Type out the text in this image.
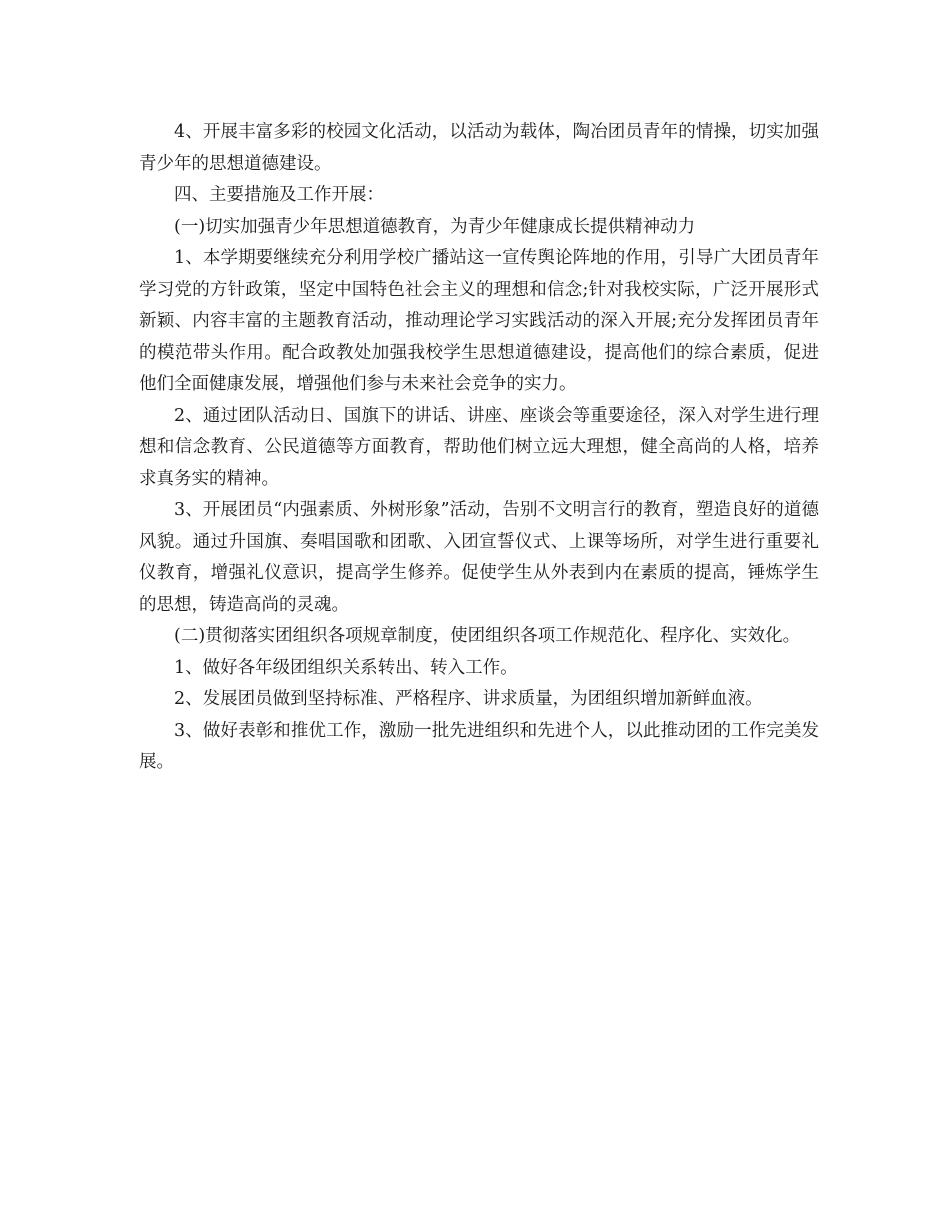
4、开展丰富多彩的校园文化活动，以活动为载体，陶冶团员青年的情操，切实加强青少年的思想道德建设。

四、主要措施及工作开展：

(一)切实加强青少年思想道德教育，为青少年健康成长提供精神动力

1、本学期要继续充分利用学校广播站这一宣传舆论阵地的作用，引导广大团员青年学习党的方针政策，坚定中国特色社会主义的理想和信念;针对我校实际，广泛开展形式新颖、内容丰富的主题教育活动，推动理论学习实践活动的深入开展;充分发挥团员青年的模范带头作用。配合政教处加强我校学生思想道德建设，提高他们的综合素质，促进他们全面健康发展，增强他们参与未来社会竞争的实力。

2、通过团队活动日、国旗下的讲话、讲座、座谈会等重要途径，深入对学生进行理想和信念教育、公民道德等方面教育，帮助他们树立远大理想，健全高尚的人格，培养求真务实的精神。

3、开展团员“内强素质、外树形象”活动，告别不文明言行的教育，塑造良好的道德风貌。通过升国旗、奏唱国歌和团歌、入团宣誓仪式、上课等场所，对学生进行重要礼仪教育，增强礼仪意识，提高学生修养。促使学生从外表到内在素质的提高，锤炼学生的思想，铸造高尚的灵魂。

(二)贯彻落实团组织各项规章制度，使团组织各项工作规范化、程序化、实效化。

1、做好各年级团组织关系转出、转入工作。

2、发展团员做到坚持标准、严格程序、讲求质量，为团组织增加新鲜血液。

3、做好表彰和推优工作，激励一批先进组织和先进个人，以此推动团的工作完美发展。
